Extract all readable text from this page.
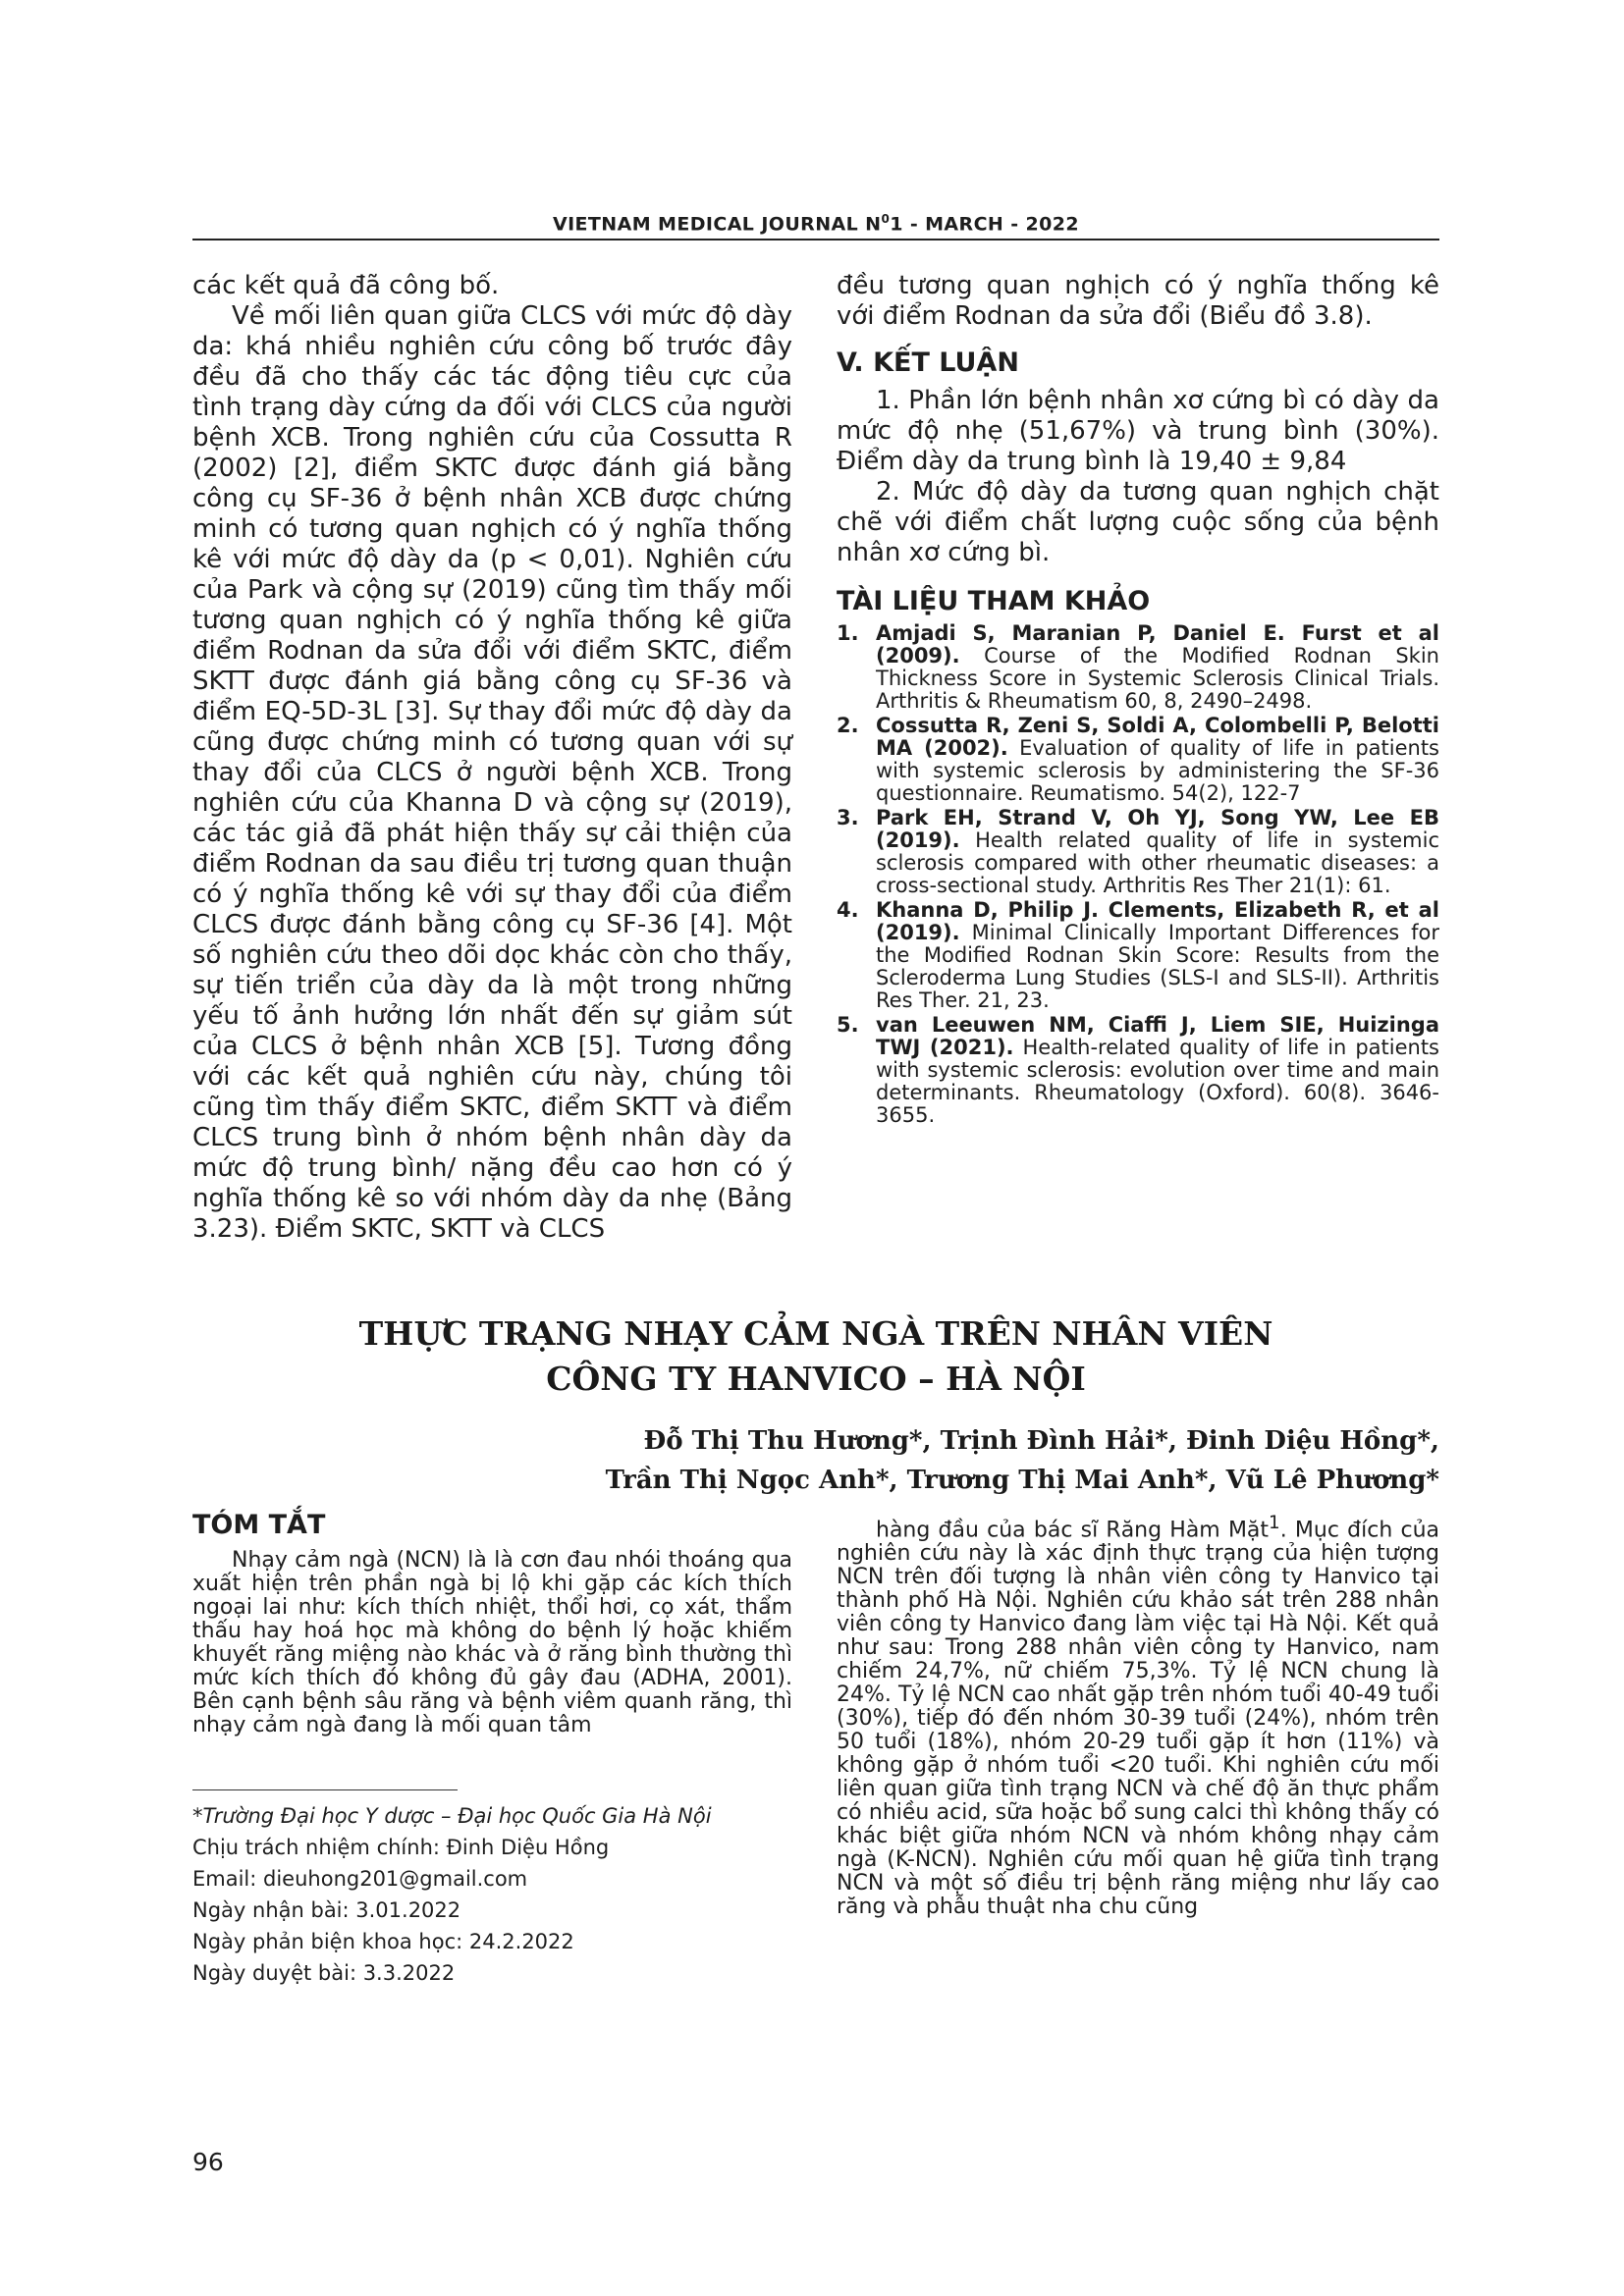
VIETNAM MEDICAL JOURNAL $N^01$ - MARCH - 2022

các kết quả đã công bố.

Về mối liên quan giữa CLCS với mức độ dày da: khá nhiều nghiên cứu công bố trước đây đều đã cho thấy các tác động tiêu cực của tình trạng dày cứng da đối với CLCS của người bệnh XCB. Trong nghiên cứu của Cossutta R (2002) [2], điểm SKTC được đánh giá bằng công cụ SF-36 ở bệnh nhân XCB được chứng minh có tương quan nghịch có ý nghĩa thống kê với mức độ dày da (p < 0,01). Nghiên cứu của Park và cộng sự (2019) cũng tìm thấy mối tương quan nghịch có ý nghĩa thống kê giữa điểm Rodnan da sửa đổi với điểm SKTC, điểm SKTT được đánh giá bằng công cụ SF-36 và điểm EQ-5D-3L [3]. Sự thay đổi mức độ dày da cũng được chứng minh có tương quan với sự thay đổi của CLCS ở người bệnh XCB. Trong nghiên cứu của Khanna D và cộng sự (2019), các tác giả đã phát hiện thấy sự cải thiện của điểm Rodnan da sau điều trị tương quan thuận có ý nghĩa thống kê với sự thay đổi của điểm CLCS được đánh bằng công cụ SF-36 [4]. Một số nghiên cứu theo dõi dọc khác còn cho thấy, sự tiến triển của dày da là một trong những yếu tố ảnh hưởng lớn nhất đến sự giảm sút của CLCS ở bệnh nhân XCB [5]. Tương đồng với các kết quả nghiên cứu này, chúng tôi cũng tìm thấy điểm SKTC, điểm SKTT và điểm CLCS trung bình ở nhóm bệnh nhân dày da mức độ trung bình/ nặng đều cao hơn có ý nghĩa thống kê so với nhóm dày da nhẹ (Bảng 3.23). Điểm SKTC, SKTT và CLCS

đều tương quan nghịch có ý nghĩa thống kê với điểm Rodnan da sửa đổi (Biểu đồ 3.8).

V. KẾT LUẬN

1. Phần lớn bệnh nhân xơ cứng bì có dày da mức độ nhẹ (51,67%) và trung bình (30%). Điểm dày da trung bình là 19,40 ± 9,84

2. Mức độ dày da tương quan nghịch chặt chẽ với điểm chất lượng cuộc sống của bệnh nhân xơ cứng bì.

TÀI LIỆU THAM KHẢO
1. Amjadi S, Maranian P, Daniel E. Furst et al (2009). Course of the Modified Rodnan Skin Thickness Score in Systemic Sclerosis Clinical Trials. Arthritis & Rheumatism 60, 8, 2490–2498.
2. Cossutta R, Zeni S, Soldi A, Colombelli P, Belotti MA (2002). Evaluation of quality of life in patients with systemic sclerosis by administering the SF-36 questionnaire. Reumatismo. 54(2), 122-7
3. Park EH, Strand V, Oh YJ, Song YW, Lee EB (2019). Health related quality of life in systemic sclerosis compared with other rheumatic diseases: a cross-sectional study. Arthritis Res Ther 21(1): 61.
4. Khanna D, Philip J. Clements, Elizabeth R, et al (2019). Minimal Clinically Important Differences for the Modified Rodnan Skin Score: Results from the Scleroderma Lung Studies (SLS-I and SLS-II). Arthritis Res Ther. 21, 23.
5. van Leeuwen NM, Ciaffi J, Liem SIE, Huizinga TWJ (2021). Health-related quality of life in patients with systemic sclerosis: evolution over time and main determinants. Rheumatology (Oxford). 60(8). 3646-3655.
THỰC TRẠNG NHẠY CẢM NGÀ TRÊN NHÂN VIÊN
CÔNG TY HANVICO – HÀ NỘI
Đỗ Thị Thu Hương*, Trịnh Đình Hải*, Đinh Diệu Hồng*,
Trần Thị Ngọc Anh*, Trương Thị Mai Anh*, Vũ Lê Phương*
TÓM TẮT

Nhạy cảm ngà (NCN) là là cơn đau nhói thoáng qua xuất hiện trên phần ngà bị lộ khi gặp các kích thích ngoại lai như: kích thích nhiệt, thổi hơi, cọ xát, thẩm thấu hay hoá học mà không do bệnh lý hoặc khiếm khuyết răng miệng nào khác và ở răng bình thường thì mức kích thích đó không đủ gây đau (ADHA, 2001). Bên cạnh bệnh sâu răng và bệnh viêm quanh răng, thì nhạy cảm ngà đang là mối quan tâm

hàng đầu của bác sĩ Răng Hàm Mặt$^1$. Mục đích của nghiên cứu này là xác định thực trạng của hiện tượng NCN trên đối tượng là nhân viên công ty Hanvico tại thành phố Hà Nội. Nghiên cứu khảo sát trên 288 nhân viên công ty Hanvico đang làm việc tại Hà Nội. Kết quả như sau: Trong 288 nhân viên công ty Hanvico, nam chiếm 24,7%, nữ chiếm 75,3%. Tỷ lệ NCN chung là 24%. Tỷ lệ NCN cao nhất gặp trên nhóm tuổi 40-49 tuổi (30%), tiếp đó đến nhóm 30-39 tuổi (24%), nhóm trên 50 tuổi (18%), nhóm 20-29 tuổi gặp ít hơn (11%) và không gặp ở nhóm tuổi <20 tuổi. Khi nghiên cứu mối liên quan giữa tình trạng NCN và chế độ ăn thực phẩm có nhiều acid, sữa hoặc bổ sung calci thì không thấy có khác biệt giữa nhóm NCN và nhóm không nhạy cảm ngà (K-NCN). Nghiên cứu mối quan hệ giữa tình trạng NCN và một số điều trị bệnh răng miệng như lấy cao răng và phẫu thuật nha chu cũng

*Trường Đại học Y dược – Đại học Quốc Gia Hà Nội
Chịu trách nhiệm chính: Đinh Diệu Hồng
Email: dieuhong201@gmail.com
Ngày nhận bài: 3.01.2022
Ngày phản biện khoa học: 24.2.2022
Ngày duyệt bài: 3.3.2022
96
